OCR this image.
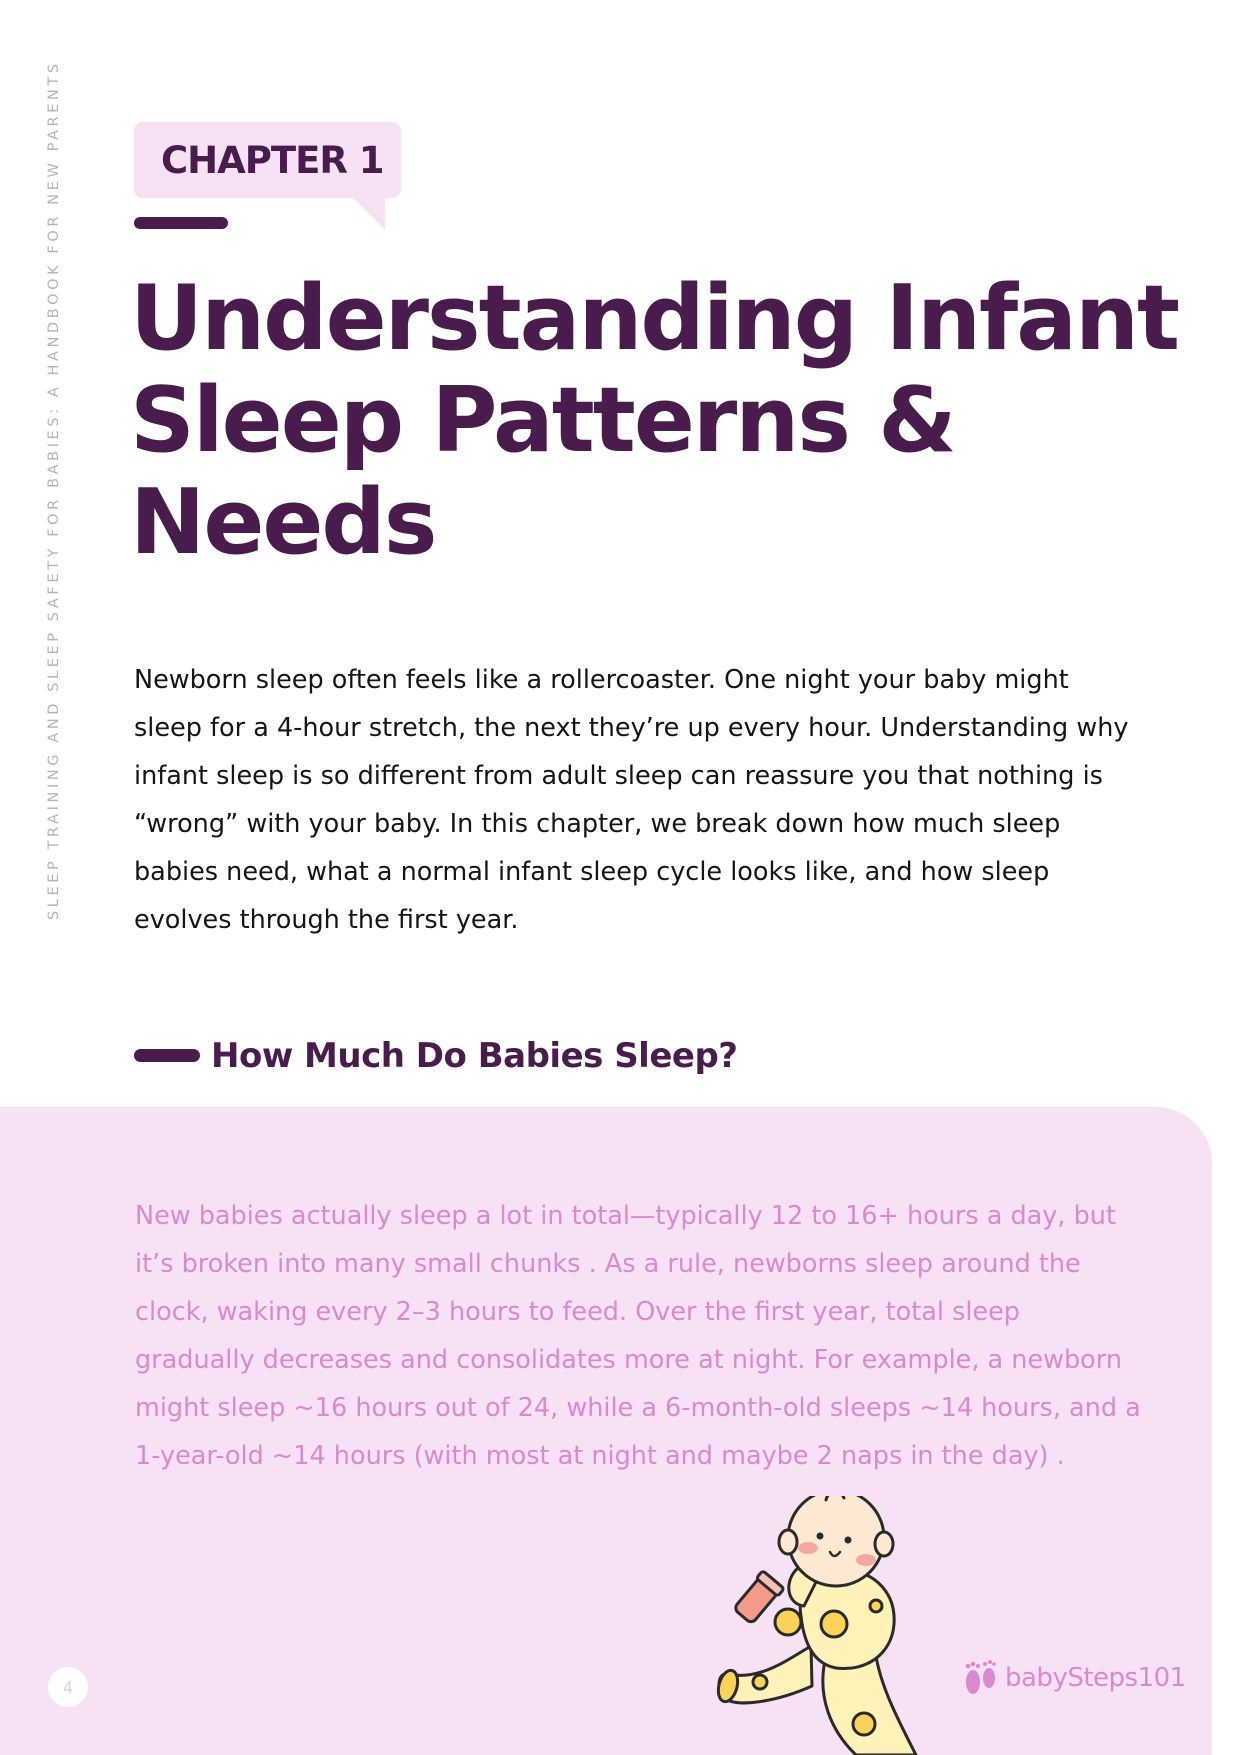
SLEEP TRAINING AND SLEEP SAFETY FOR BABIES: A HANDBOOK FOR NEW PARENTS	CHAPTER 1
Understanding Infant
Sleep Patterns &
Needs

Newborn sleep often feels like a rollercoaster. One night your baby might sleep for a 4-hour stretch, the next they’re up every hour. Understanding why infant sleep is so different from adult sleep can reassure you that nothing is “wrong” with your baby. In this chapter, we break down how much sleep babies need, what a normal infant sleep cycle looks like, and how sleep evolves through the first year.

How Much Do Babies Sleep?

New babies actually sleep a lot in total—typically 12 to 16+ hours a day, but it’s broken into many small chunks . As a rule, newborns sleep around the clock, waking every 2–3 hours to feed. Over the first year, total sleep gradually decreases and consolidates more at night. For example, a newborn might sleep ~16 hours out of 24, while a 6-month-old sleeps ~14 hours, and a 1-year-old ~14 hours (with most at night and maybe 2 naps in the day) .

babySteps101
4
